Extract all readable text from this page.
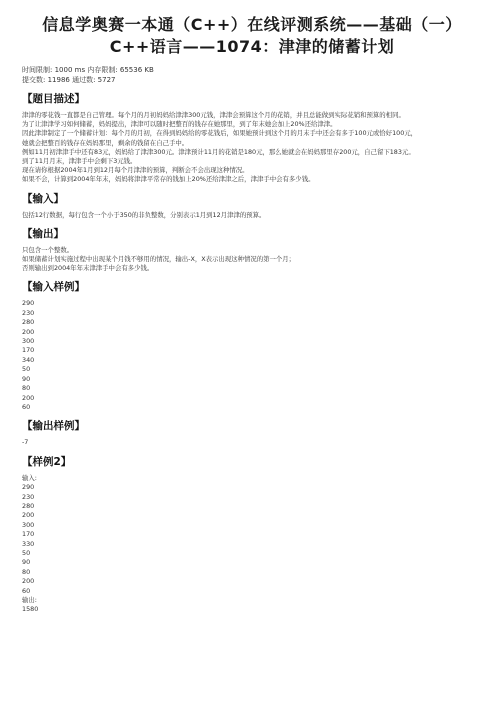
信息学奥赛一本通（C++）在线评测系统——基础（一）C++语言——1074：津津的储蓄计划
时间限制: 1000 ms 内存限制: 65536 KB
提交数: 11986 通过数: 5727
【题目描述】
津津的零花钱一直都是自己管理。每个月的月初妈妈给津津300元钱，津津会预算这个月的花销，并且总能做到实际花销和预算的相同。
为了让津津学习如何储蓄，妈妈提出，津津可以随时把整百的钱存在她那里，到了年末她会加上20%还给津津。
因此津津制定了一个储蓄计划：每个月的月初，在得到妈妈给的零花钱后，如果她预计到这个月的月末手中还会有多于100元或恰好100元，
她就会把整百的钱存在妈妈那里，剩余的钱留在自己手中。
例如11月初津津手中还有83元，妈妈给了津津300元。津津预计11月的花销是180元，那么她就会在妈妈那里存200元，自己留下183元。
到了11月月末，津津手中会剩下3元钱。
现在请你根据2004年1月到12月每个月津津的预算，判断会不会出现这种情况。
如果不会，计算到2004年年末，妈妈将津津平常存的钱加上20%还给津津之后，津津手中会有多少钱。
【输入】
包括12行数据，每行包含一个小于350的非负整数，分别表示1月到12月津津的预算。
【输出】
只包含一个整数。
如果储蓄计划实施过程中出现某个月钱不够用的情况，输出-X，X表示出现这种情况的第一个月；
否则输出到2004年年末津津手中会有多少钱。
【输入样例】
290
230
280
200
300
170
340
50
90
80
200
60
【输出样例】
-7
【样例2】
输入:
290
230
280
200
300
170
330
50
90
80
200
60
输出:
1580
